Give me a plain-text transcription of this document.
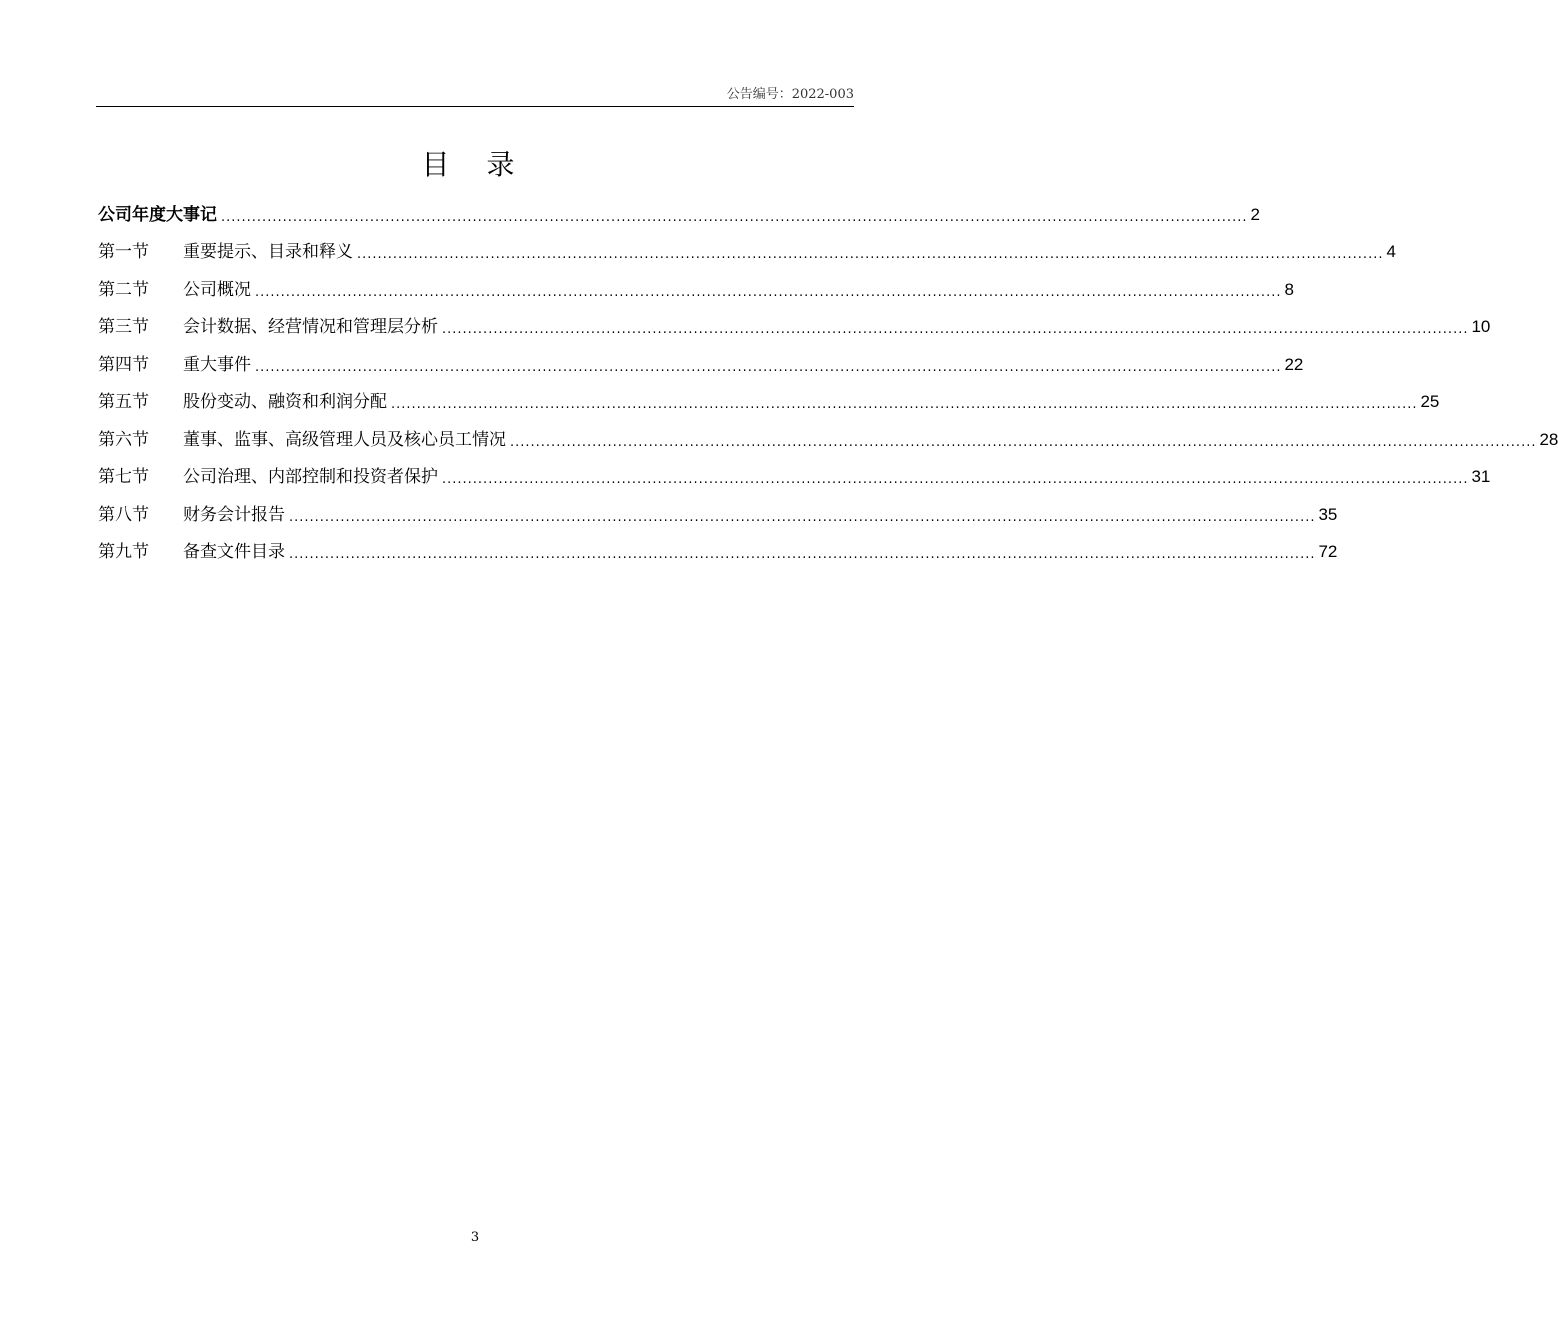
公告编号：2022-003
目 录
公司年度大事记 ........................................................................................................................................................................................................ 2
第一节	重要提示、目录和释义 ........................................................................................................................................................................................................ 4
第二节	公司概况 ........................................................................................................................................................................................................ 8
第三节	会计数据、经营情况和管理层分析 ........................................................................................................................................................................................................ 10
第四节	重大事件 ........................................................................................................................................................................................................ 22
第五节	股份变动、融资和利润分配 ........................................................................................................................................................................................................ 25
第六节	董事、监事、高级管理人员及核心员工情况 ........................................................................................................................................................................................................ 28
第七节	公司治理、内部控制和投资者保护 ........................................................................................................................................................................................................ 31
第八节	财务会计报告 ........................................................................................................................................................................................................ 35
第九节	备查文件目录 ........................................................................................................................................................................................................ 72
3
